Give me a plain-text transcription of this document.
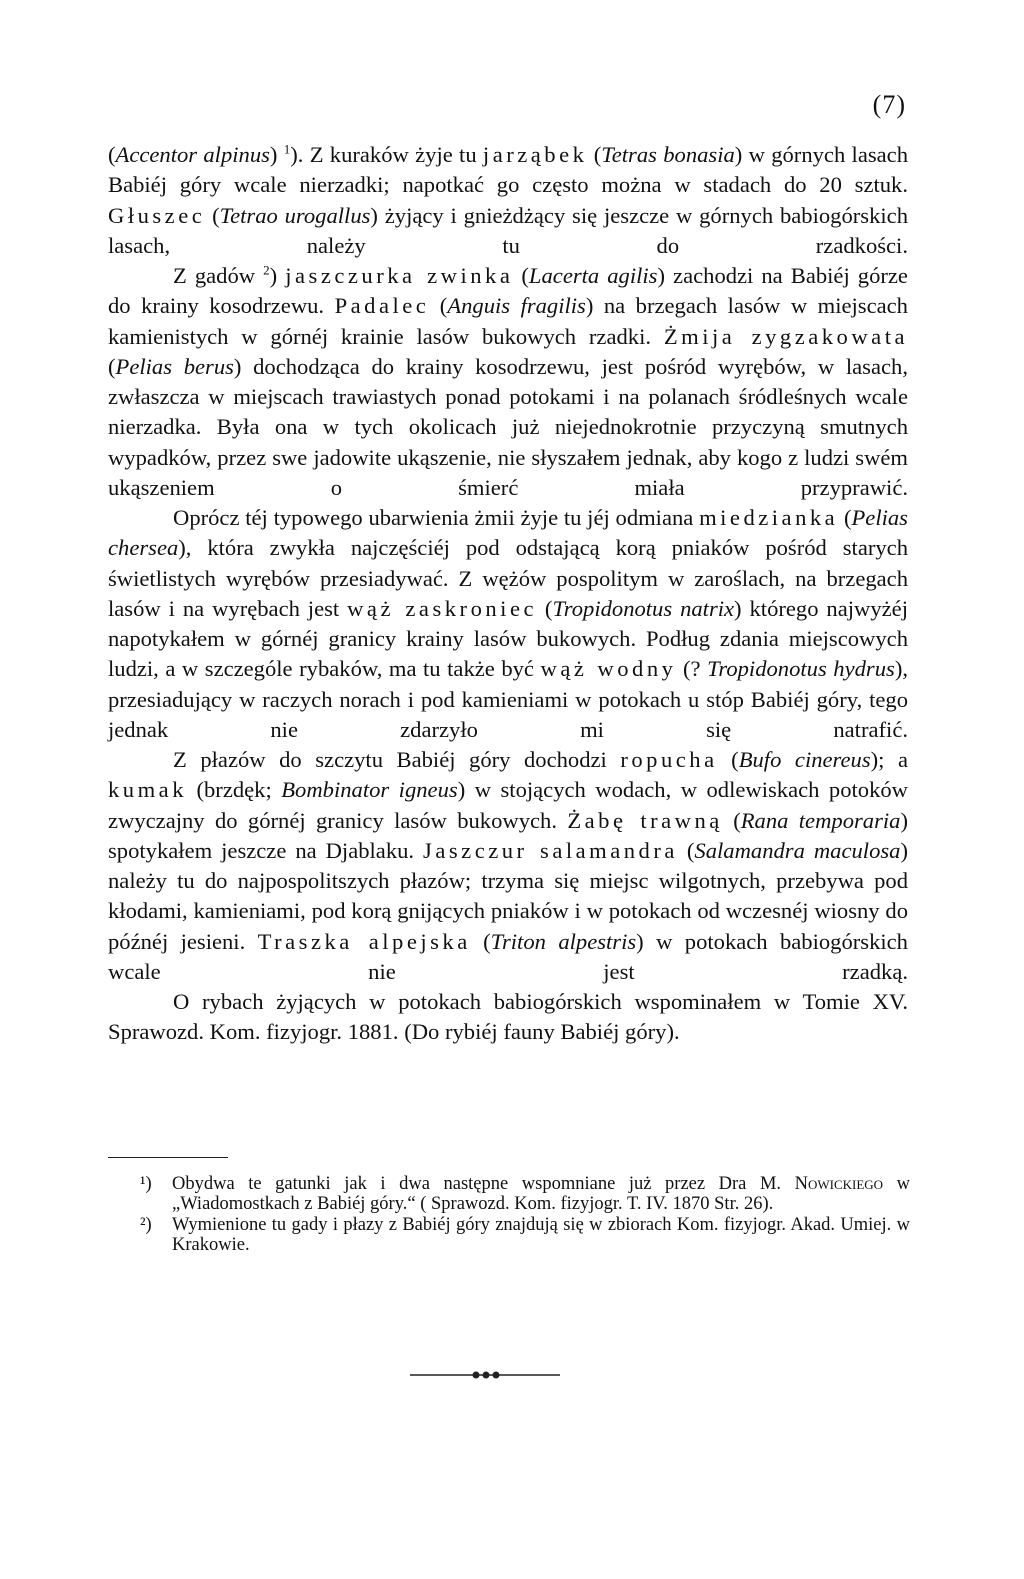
(7)

(Accentor alpinus) $^1$). Z kuraków żyje tu jarząbek (Tetras bonasia) w górnych lasach Babiéj góry wcale nierzadki; napotkać go często można w stadach do 20 sztuk. Głuszec (Tetrao urogallus) żyjący i gnieżdżący się jeszcze w górnych babiogórskich lasach, należy tu do rzadkości.

Z gadów $^2$) jaszczurka zwinka (Lacerta agilis) zachodzi na Babiéj górze do krainy kosodrzewu. Padalec (Anguis fragilis) na brzegach lasów w miejscach kamienistych w górnéj krainie lasów bukowych rzadki. Żmija zygzakowata (Pelias berus) dochodząca do krainy kosodrzewu, jest pośród wyrębów, w lasach, zwłaszcza w miejscach trawiastych ponad potokami i na polanach śródleśnych wcale nierzadka. Była ona w tych okolicach już niejednokrotnie przyczyną smutnych wypadków, przez swe jadowite ukąszenie, nie słyszałem jednak, aby kogo z ludzi swém ukąszeniem o śmierć miała przyprawić.

Oprócz téj typowego ubarwienia żmii żyje tu jéj odmiana miedzianka (Pelias chersea), która zwykła najczęściéj pod odstającą korą pniaków pośród starych świetlistych wyrębów przesiadywać. Z wężów pospolitym w zaroślach, na brzegach lasów i na wyrębach jest wąż zaskroniec (Tropidonotus natrix) którego najwyżéj napotykałem w górnéj granicy krainy lasów bukowych. Podług zdania miejscowych ludzi, a w szczególe rybaków, ma tu także być wąż wodny (? Tropidonotus hydrus), przesiadujący w raczych norach i pod kamieniami w potokach u stóp Babiéj góry, tego jednak nie zdarzyło mi się natrafić.

Z płazów do szczytu Babiéj góry dochodzi ropucha (Bufo cinereus); a kumak (brzdęk; Bombinator igneus) w stojących wodach, w odlewiskach potoków zwyczajny do górnéj granicy lasów bukowych. Żabę trawną (Rana temporaria) spotykałem jeszcze na Djablaku. Jaszczur salamandra (Salamandra maculosa) należy tu do najpospolitszych płazów; trzyma się miejsc wilgotnych, przebywa pod kłodami, kamieniami, pod korą gnijących pniaków i w potokach od wczesnéj wiosny do późnéj jesieni. Traszka alpejska (Triton alpestris) w potokach babiogórskich wcale nie jest rzadką.

O rybach żyjących w potokach babiogórskich wspominałem w Tomie XV. Sprawozd. Kom. fizyjogr. 1881. (Do rybiéj fauny Babiéj góry).

¹) Obydwa te gatunki jak i dwa następne wspomniane już przez Dra M. Nowickiego w „Wiadomostkach z Babiéj góry.“ ( Sprawozd. Kom. fizyjogr. T. IV. 1870 Str. 26).
²) Wymienione tu gady i płazy z Babiéj góry znajdują się w zbiorach Kom. fizyjogr. Akad. Umiej. w Krakowie.
